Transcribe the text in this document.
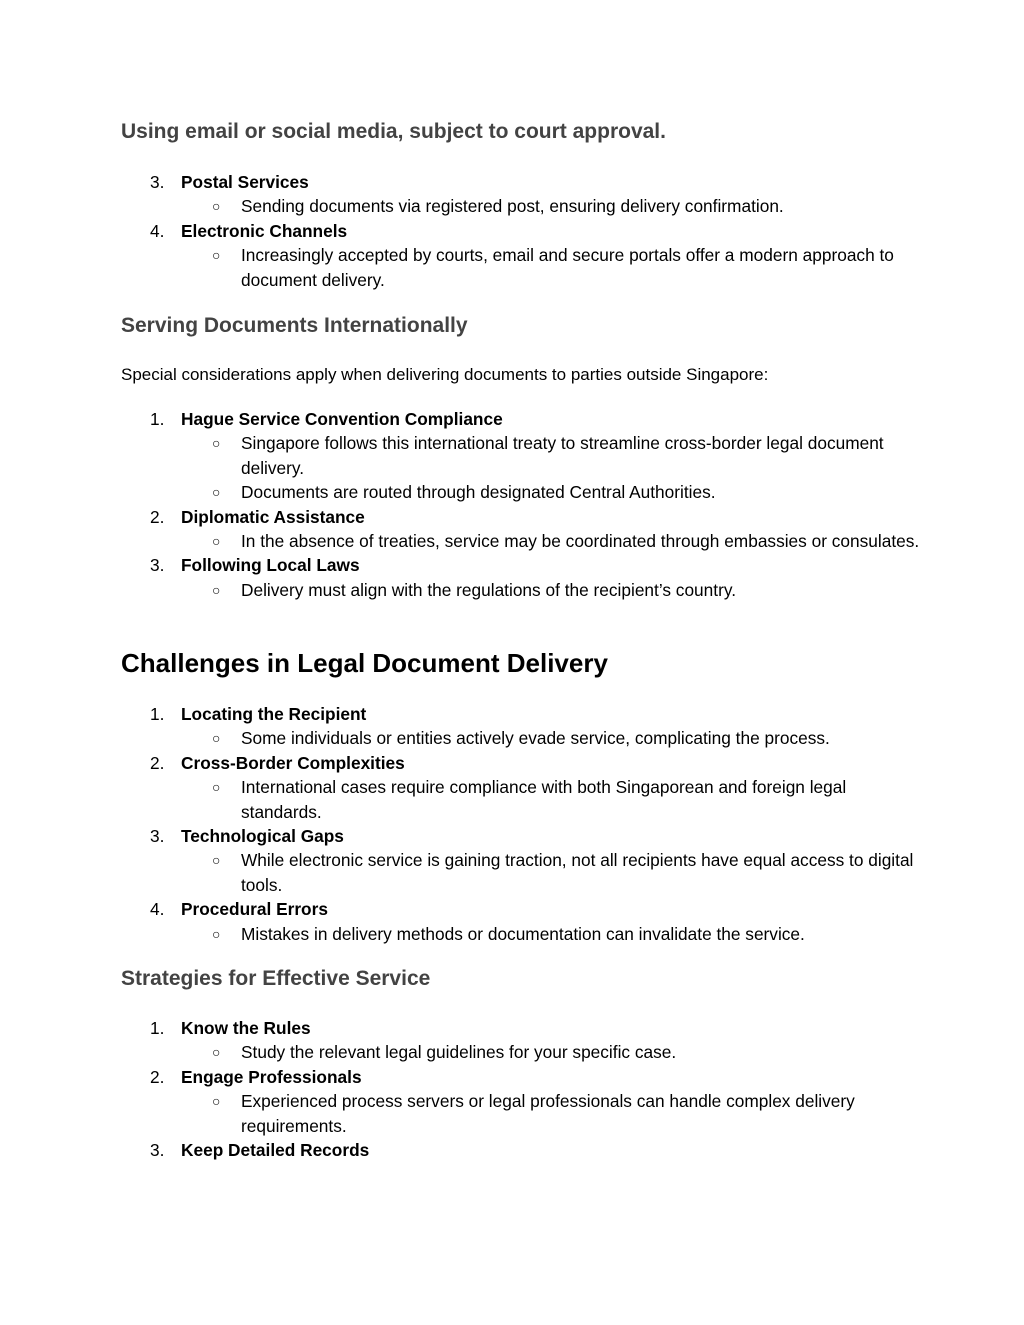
Using email or social media, subject to court approval.
3. Postal Services
○ Sending documents via registered post, ensuring delivery confirmation.
4. Electronic Channels
○ Increasingly accepted by courts, email and secure portals offer a modern approach to document delivery.
Serving Documents Internationally
Special considerations apply when delivering documents to parties outside Singapore:
1. Hague Service Convention Compliance
○ Singapore follows this international treaty to streamline cross-border legal document delivery.
○ Documents are routed through designated Central Authorities.
2. Diplomatic Assistance
○ In the absence of treaties, service may be coordinated through embassies or consulates.
3. Following Local Laws
○ Delivery must align with the regulations of the recipient’s country.
Challenges in Legal Document Delivery
1. Locating the Recipient
○ Some individuals or entities actively evade service, complicating the process.
2. Cross-Border Complexities
○ International cases require compliance with both Singaporean and foreign legal standards.
3. Technological Gaps
○ While electronic service is gaining traction, not all recipients have equal access to digital tools.
4. Procedural Errors
○ Mistakes in delivery methods or documentation can invalidate the service.
Strategies for Effective Service
1. Know the Rules
○ Study the relevant legal guidelines for your specific case.
2. Engage Professionals
○ Experienced process servers or legal professionals can handle complex delivery requirements.
3. Keep Detailed Records
